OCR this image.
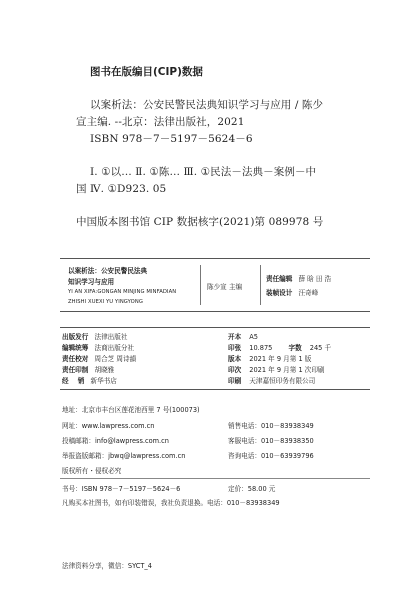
图书在版编目(CIP)数据
以案析法：公安民警民法典知识学习与应用 / 陈少
宣主编. --北京：法律出版社，2021
ISBN 978－7－5197－5624－6
Ⅰ. ①以… Ⅱ. ①陈… Ⅲ. ①民法－法典－案例－中
国 Ⅳ. ①D923. 05
中国版本图书馆 CIP 数据核字(2021)第 089978 号
以案析法：公安民警民法典
知识学习与应用
YI AN XIFA:GONGAN MINJING MINFADIAN
ZHISHI XUEXI YU YINGYONG
陈少宣 主编
责任编辑 薛 晗 田 浩
装帧设计 汪奇峰
出版发行 法律出版社
编辑统筹 法商出版分社
责任校对 周合芝 周诗韻
责任印制 胡晓雅
经    销 新华书店
开本 A5
印张 10.875 字数 245 千
版本 2021 年 9 月第 1 版
印次 2021 年 9 月第 1 次印刷
印刷 天津嘉恒印务有限公司
地址：北京市丰台区莲花池西里 7 号(100073)
网址：www.lawpress.com.cn
投稿邮箱：info@lawpress.com.cn
举报盗版邮箱：jbwq@lawpress.com.cn
版权所有・侵权必究
销售电话：010－83938349
客服电话：010－83938350
咨询电话：010－63939796
书号：ISBN 978－7－5197－5624－6	定价：58.00 元
凡购买本社图书，如有印装错误，我社负责退换。电话：010－83938349
法律资料分享，微信：SYCT_4
